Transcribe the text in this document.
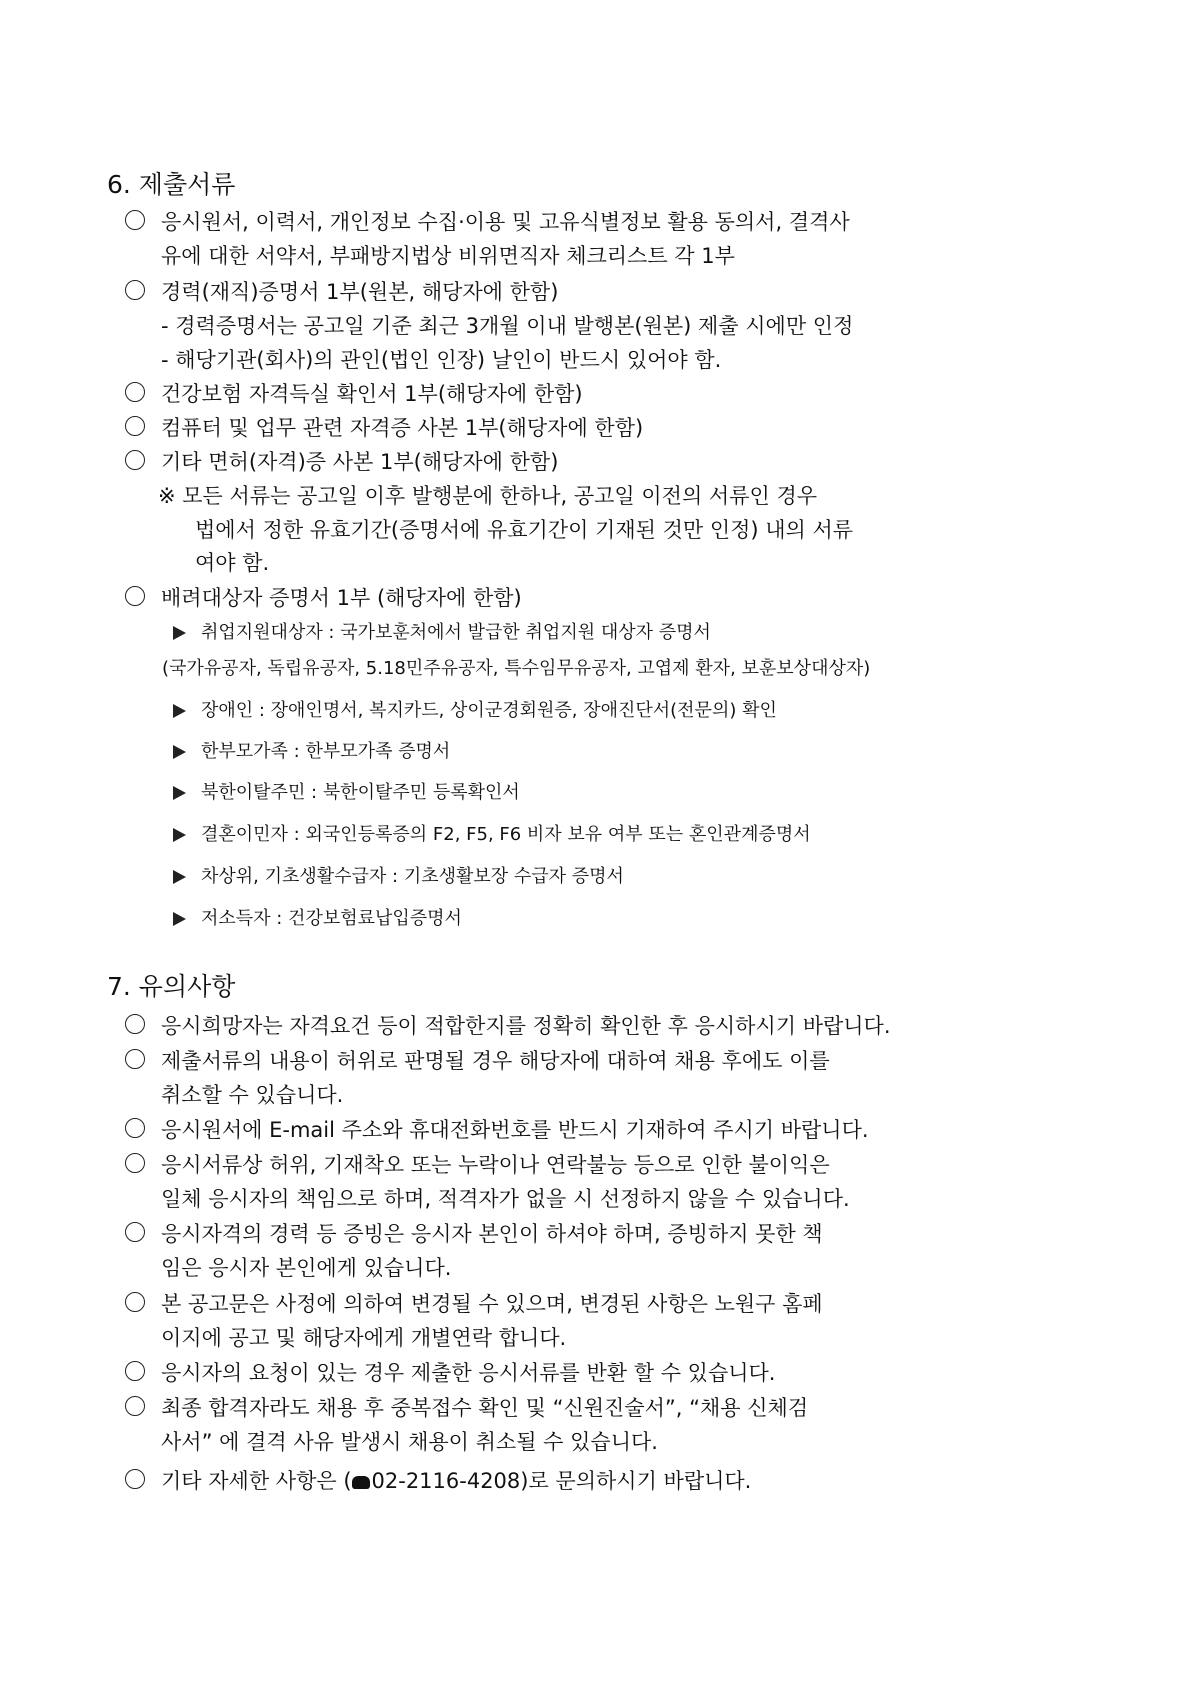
6. 제출서류
응시원서, 이력서, 개인정보 수집·이용 및 고유식별정보 활용 동의서, 결격사
유에 대한 서약서, 부패방지법상 비위면직자 체크리스트 각 1부
경력(재직)증명서 1부(원본, 해당자에 한함)
- 경력증명서는 공고일 기준 최근 3개월 이내 발행본(원본) 제출 시에만 인정
- 해당기관(회사)의 관인(법인 인장) 날인이 반드시 있어야 함.
건강보험 자격득실 확인서 1부(해당자에 한함)
컴퓨터 및 업무 관련 자격증 사본 1부(해당자에 한함)
기타 면허(자격)증 사본 1부(해당자에 한함)
※ 모든 서류는 공고일 이후 발행분에 한하나, 공고일 이전의 서류인 경우
법에서 정한 유효기간(증명서에 유효기간이 기재된 것만 인정) 내의 서류
여야 함.
배려대상자 증명서 1부 (해당자에 한함)
취업지원대상자 : 국가보훈처에서 발급한 취업지원 대상자 증명서
(국가유공자, 독립유공자, 5.18민주유공자, 특수임무유공자, 고엽제 환자, 보훈보상대상자)
장애인 : 장애인명서, 복지카드, 상이군경회원증, 장애진단서(전문의) 확인
한부모가족 : 한부모가족 증명서
북한이탈주민 : 북한이탈주민 등록확인서
결혼이민자 : 외국인등록증의 F2, F5, F6 비자 보유 여부 또는 혼인관계증명서
차상위, 기초생활수급자 : 기초생활보장 수급자 증명서
저소득자 : 건강보험료납입증명서
7. 유의사항
응시희망자는 자격요건 등이 적합한지를 정확히 확인한 후 응시하시기 바랍니다.
제출서류의 내용이 허위로 판명될 경우 해당자에 대하여 채용 후에도 이를
취소할 수 있습니다.
응시원서에 E-mail 주소와 휴대전화번호를 반드시 기재하여 주시기 바랍니다.
응시서류상 허위, 기재착오 또는 누락이나 연락불능 등으로 인한 불이익은
일체 응시자의 책임으로 하며, 적격자가 없을 시 선정하지 않을 수 있습니다.
응시자격의 경력 등 증빙은 응시자 본인이 하셔야 하며, 증빙하지 못한 책
임은 응시자 본인에게 있습니다.
본 공고문은 사정에 의하여 변경될 수 있으며, 변경된 사항은 노원구 홈페
이지에 공고 및 해당자에게 개별연락 합니다.
응시자의 요청이 있는 경우 제출한 응시서류를 반환 할 수 있습니다.
최종 합격자라도 채용 후 중복접수 확인 및 “신원진술서”, “채용 신체검
사서” 에 결격 사유 발생시 채용이 취소될 수 있습니다.
기타 자세한 사항은 ( 02-2116-4208)로 문의하시기 바랍니다.
